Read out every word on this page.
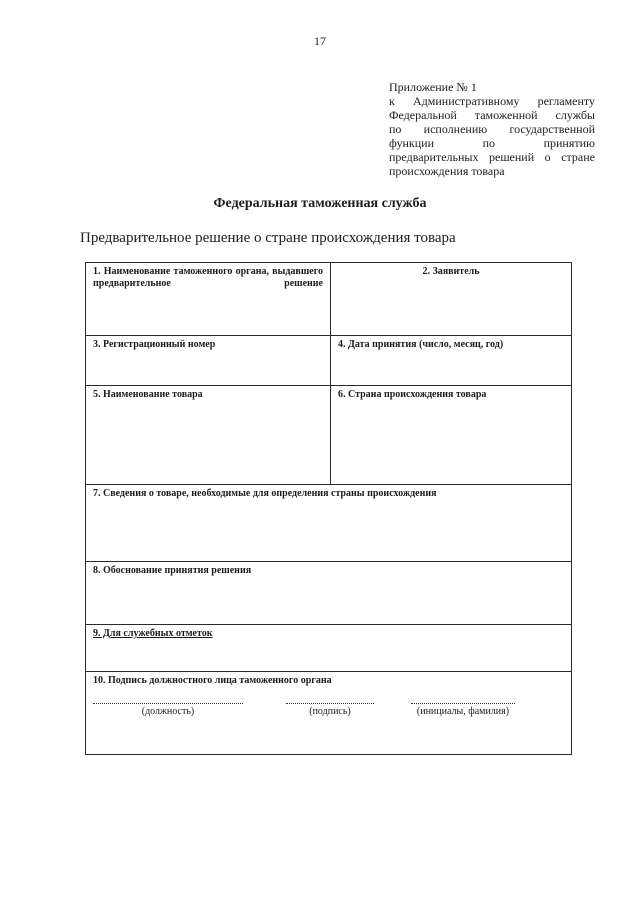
17
Приложение № 1
к Административному регламенту
Федеральной таможенной службы
по исполнению государственной
функции по принятию
предварительных решений о стране
происхождения товара
Федеральная таможенная служба
Предварительное решение о стране происхождения товара
1. Наименование таможенного органа, выдавшего предварительное решение	2. Заявитель

3. Регистрационный номер	4. Дата принятия (число, месяц, год)

5. Наименование товара	6. Страна происхождения товара

7. Сведения о товаре, необходимые для определения страны происхождения	

8. Обоснование принятия решения	

9. Для служебных отметок	

10. Подпись должностного лица таможенного органа
(должность) (подпись) (инициалы, фамилия)	
